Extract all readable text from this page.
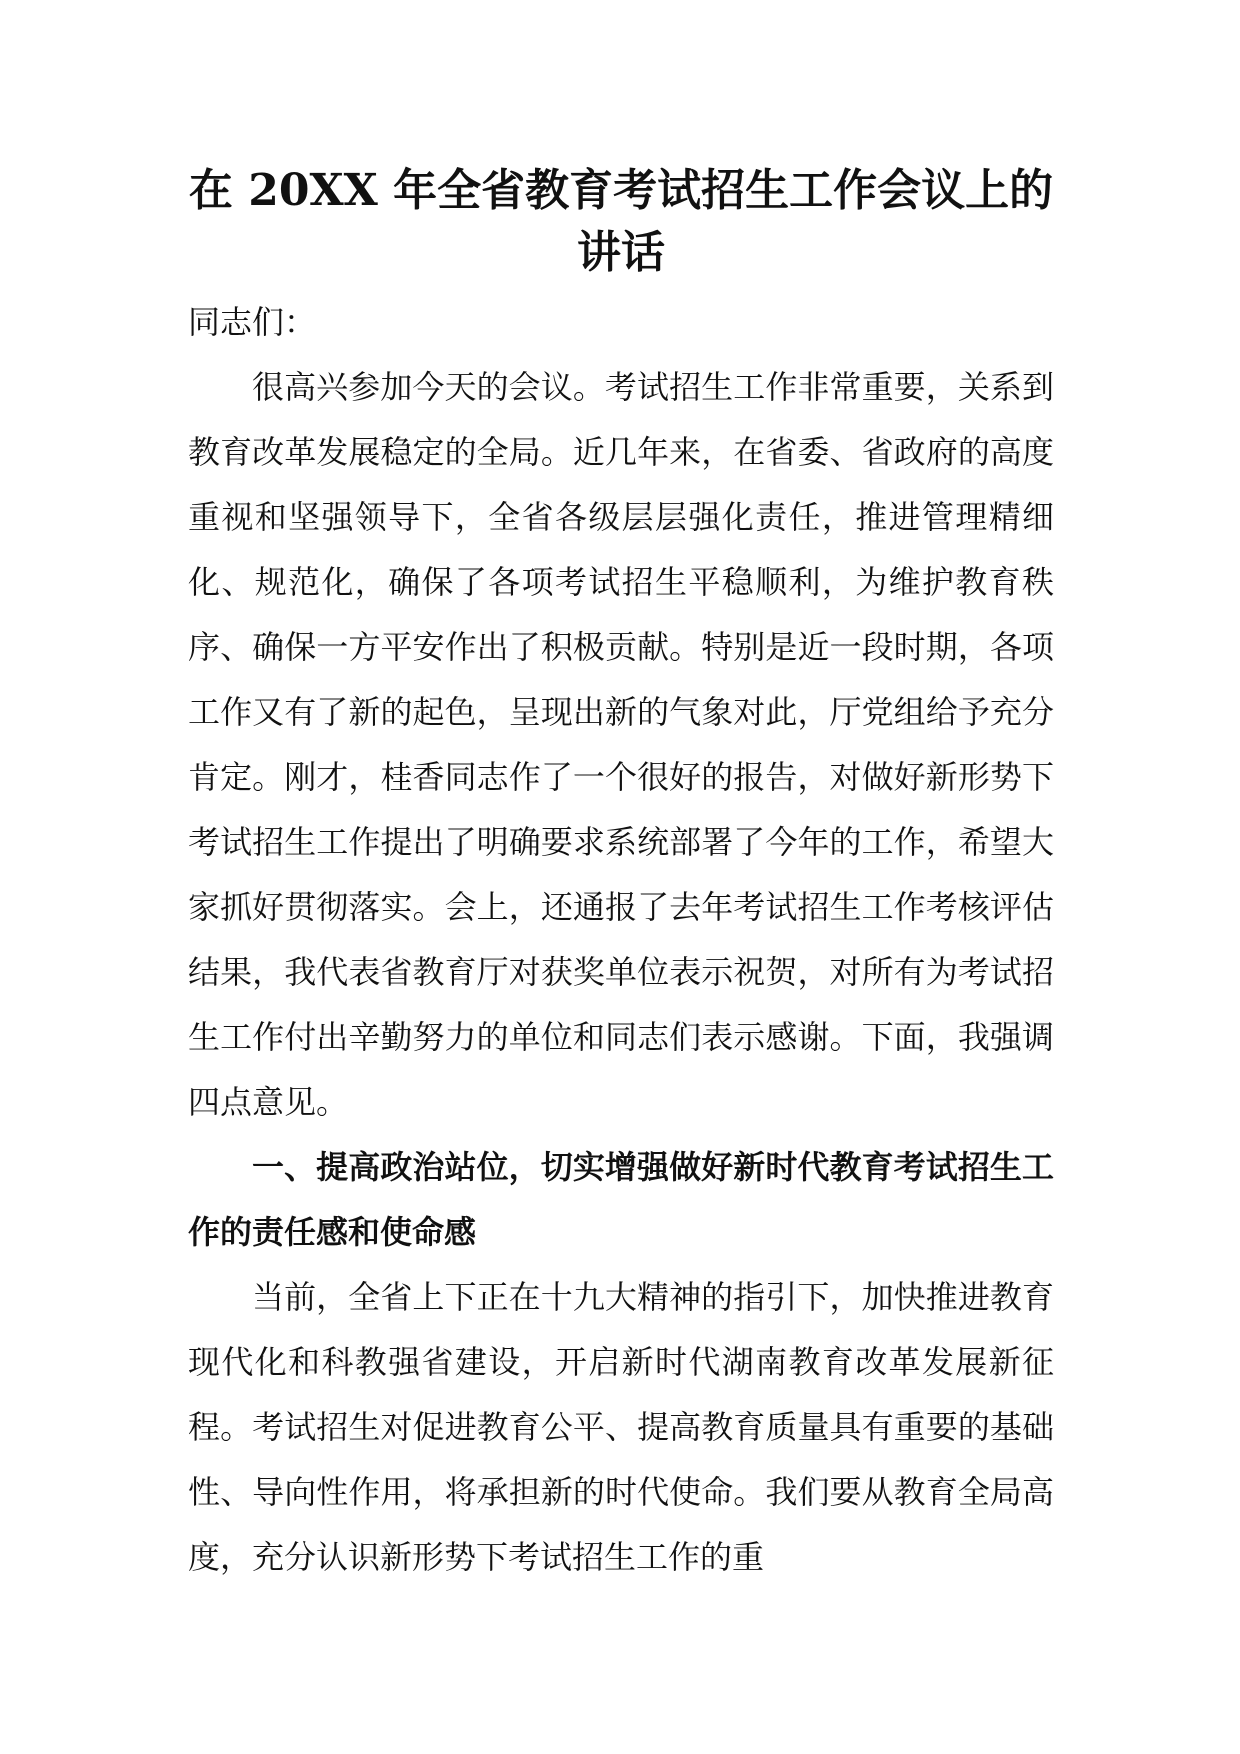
在 20XX 年全省教育考试招生工作会议上的
讲话

同志们：

很高兴参加今天的会议。考试招生工作非常重要，关系到教育改革发展稳定的全局。近几年来，在省委、省政府的高度重视和坚强领导下，全省各级层层强化责任，推进管理精细化、规范化，确保了各项考试招生平稳顺利，为维护教育秩序、确保一方平安作出了积极贡献。特别是近一段时期，各项工作又有了新的起色，呈现出新的气象对此，厅党组给予充分肯定。刚才，桂香同志作了一个很好的报告，对做好新形势下考试招生工作提出了明确要求系统部署了今年的工作，希望大家抓好贯彻落实。会上，还通报了去年考试招生工作考核评估结果，我代表省教育厅对获奖单位表示祝贺，对所有为考试招生工作付出辛勤努力的单位和同志们表示感谢。下面，我强调四点意见。

一、提高政治站位，切实增强做好新时代教育考试招生工作的责任感和使命感

当前，全省上下正在十九大精神的指引下，加快推进教育现代化和科教强省建设，开启新时代湖南教育改革发展新征程。考试招生对促进教育公平、提高教育质量具有重要的基础性、导向性作用，将承担新的时代使命。我们要从教育全局高度，充分认识新形势下考试招生工作的重
